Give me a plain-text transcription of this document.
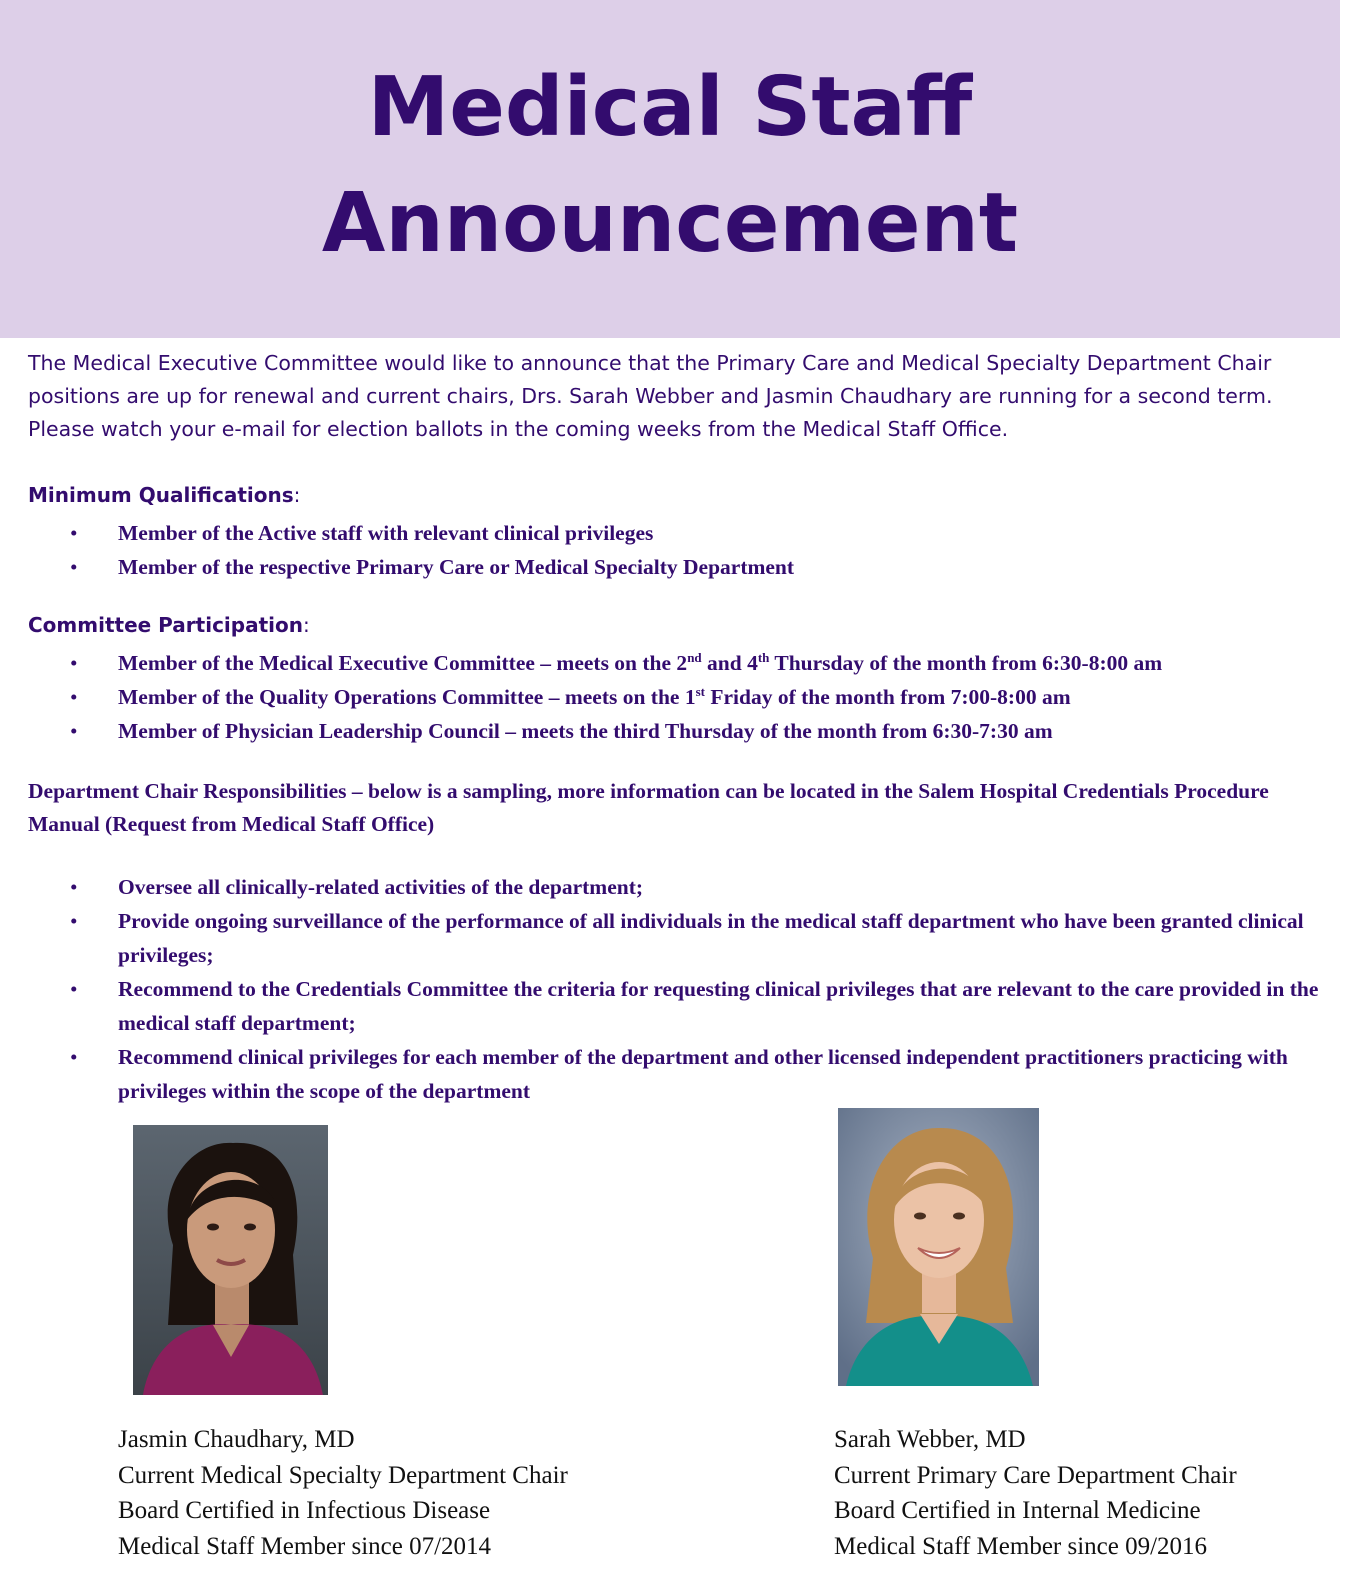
Medical Staff
Announcement

The Medical Executive Committee would like to announce that the Primary Care and Medical Specialty Department Chair positions are up for renewal and current chairs, Drs. Sarah Webber and Jasmin Chaudhary are running for a second term. Please watch your e-mail for election ballots in the coming weeks from the Medical Staff Office.

Minimum Qualifications:
• Member of the Active staff with relevant clinical privileges
• Member of the respective Primary Care or Medical Specialty Department
Committee Participation:
• Member of the Medical Executive Committee – meets on the 2nd and 4th Thursday of the month from 6:30-8:00 am
• Member of the Quality Operations Committee – meets on the 1st Friday of the month from 7:00-8:00 am
• Member of Physician Leadership Council – meets the third Thursday of the month from 6:30-7:30 am

Department Chair Responsibilities – below is a sampling, more information can be located in the Salem Hospital Credentials Procedure Manual (Request from Medical Staff Office)

• Oversee all clinically-related activities of the department;
• Provide ongoing surveillance of the performance of all individuals in the medical staff department who have been granted clinical privileges;
• Recommend to the Credentials Committee the criteria for requesting clinical privileges that are relevant to the care provided in the medical staff department;
• Recommend clinical privileges for each member of the department and other licensed independent practitioners practicing with privileges within the scope of the department
Jasmin Chaudhary, MD
Current Medical Specialty Department Chair
Board Certified in Infectious Disease
Medical Staff Member since 07/2014
Sarah Webber, MD
Current Primary Care Department Chair
Board Certified in Internal Medicine
Medical Staff Member since 09/2016
